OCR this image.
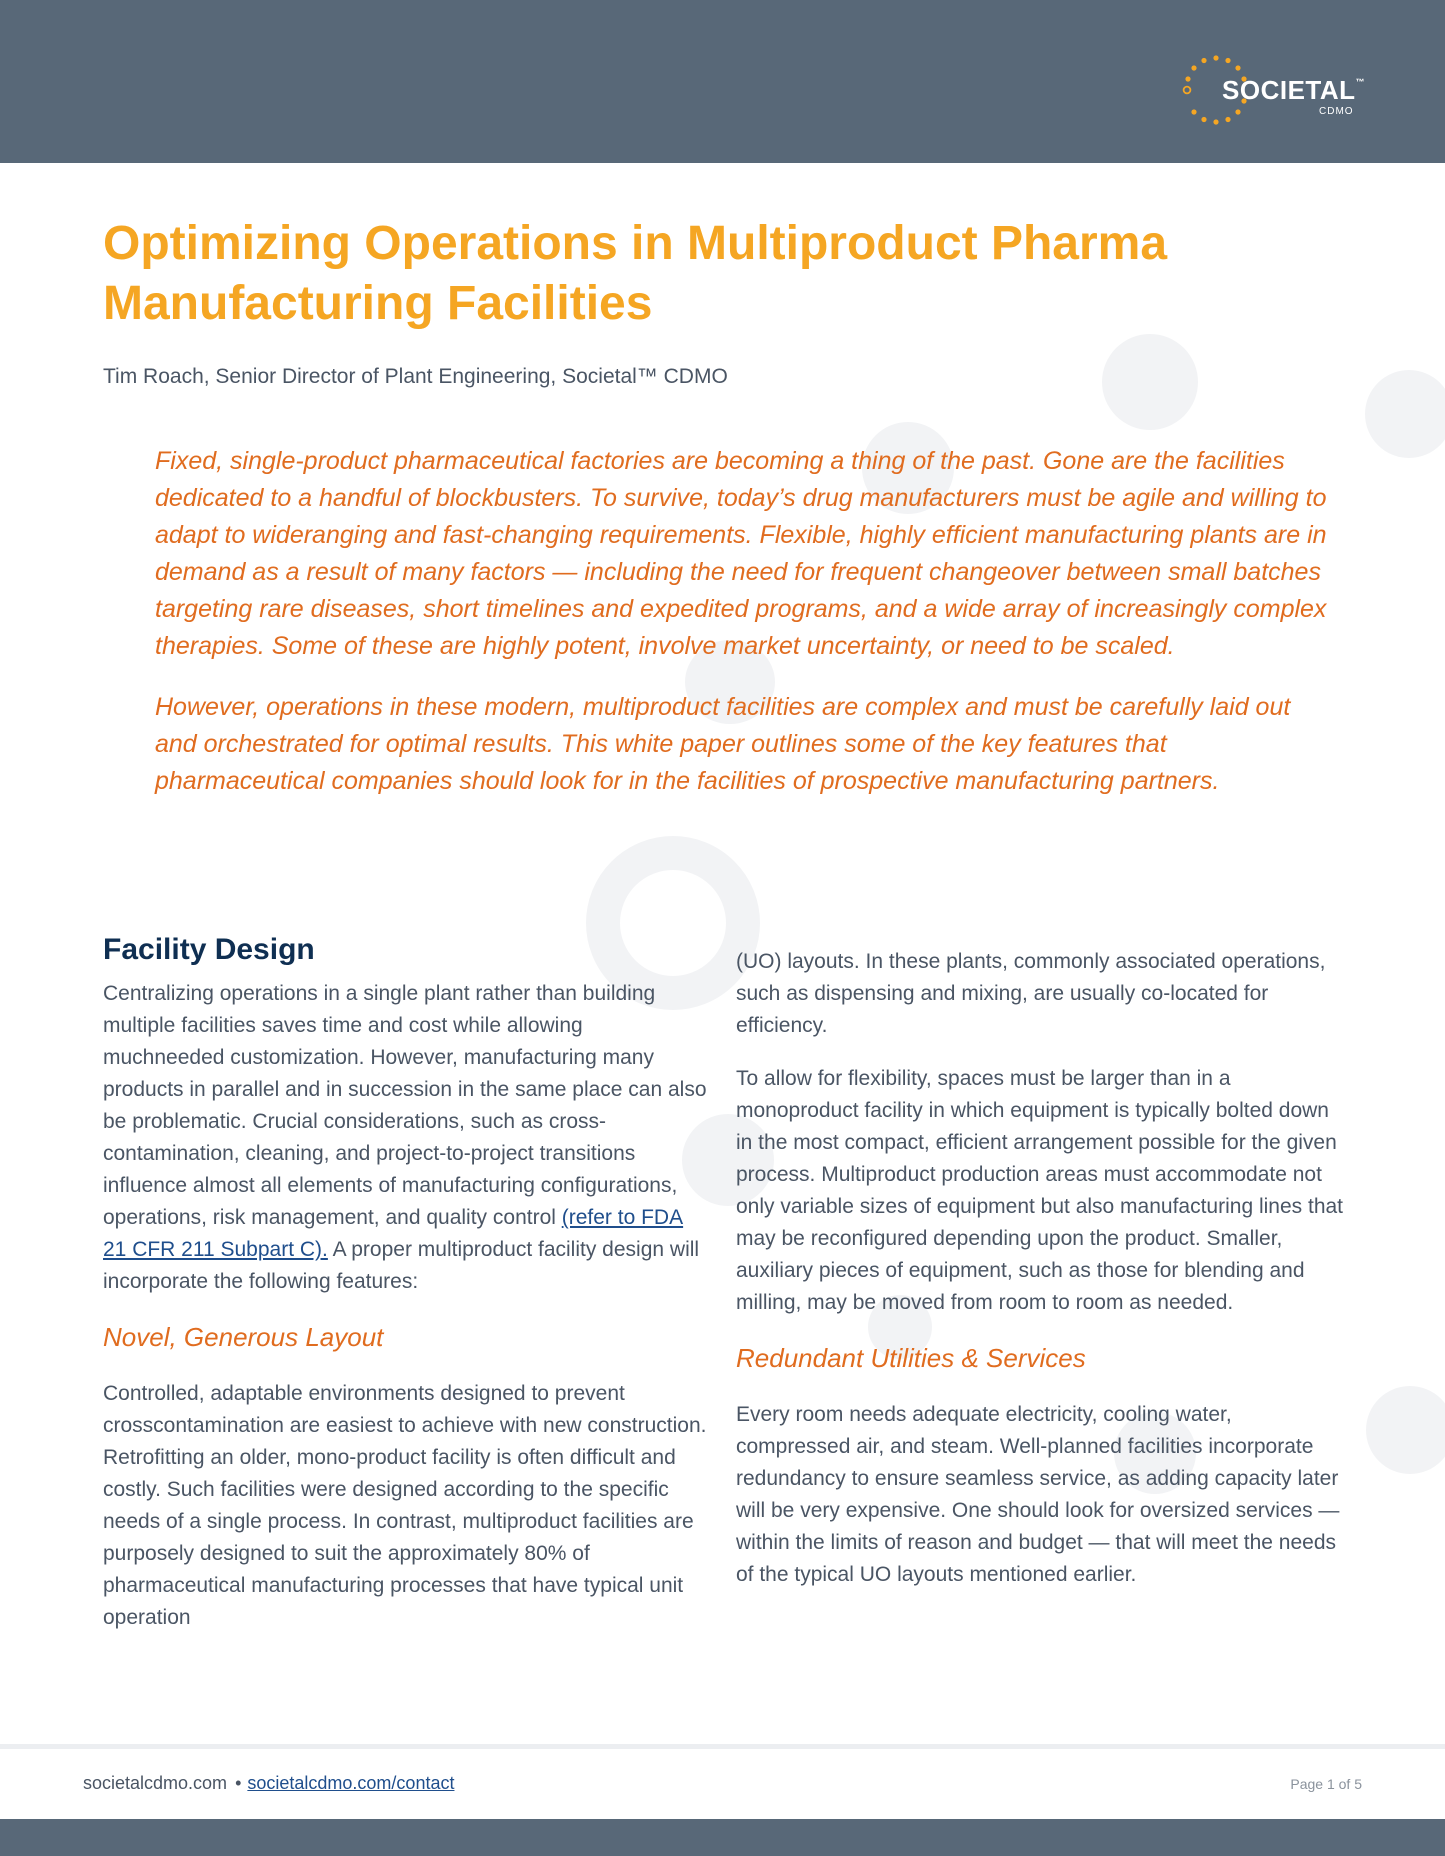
SOCIETAL™
CDMO
Optimizing Operations in Multiproduct Pharma Manufacturing Facilities
Tim Roach, Senior Director of Plant Engineering, Societal™ CDMO

Fixed, single-product pharmaceutical factories are becoming a thing of the past. Gone are the facilities dedicated to a handful of blockbusters. To survive, today’s drug manufacturers must be agile and willing to adapt to wideranging and fast-changing requirements. Flexible, highly efficient manufacturing plants are in demand as a result of many factors — including the need for frequent changeover between small batches targeting rare diseases, short timelines and expedited programs, and a wide array of increasingly complex therapies. Some of these are highly potent, involve market uncertainty, or need to be scaled.

However, operations in these modern, multiproduct facilities are complex and must be carefully laid out and orchestrated for optimal results. This white paper outlines some of the key features that pharmaceutical companies should look for in the facilities of prospective manufacturing partners.

Facility Design

Centralizing operations in a single plant rather than building multiple facilities saves time and cost while allowing muchneeded customization. However, manufacturing many products in parallel and in succession in the same place can also be problematic. Crucial considerations, such as cross-contamination, cleaning, and project-to-project transitions influence almost all elements of manufacturing configurations, operations, risk management, and quality control (refer to FDA 21 CFR 211 Subpart C). A proper multiproduct facility design will incorporate the following features:

Novel, Generous Layout

Controlled, adaptable environments designed to prevent crosscontamination are easiest to achieve with new construction. Retrofitting an older, mono-product facility is often difficult and costly. Such facilities were designed according to the specific needs of a single process. In contrast, multiproduct facilities are purposely designed to suit the approximately 80% of pharmaceutical manufacturing processes that have typical unit operation

(UO) layouts. In these plants, commonly associated operations, such as dispensing and mixing, are usually co-located for efficiency.

To allow for flexibility, spaces must be larger than in a monoproduct facility in which equipment is typically bolted down in the most compact, efficient arrangement possible for the given process. Multiproduct production areas must accommodate not only variable sizes of equipment but also manufacturing lines that may be reconfigured depending upon the product. Smaller, auxiliary pieces of equipment, such as those for blending and milling, may be moved from room to room as needed.

Redundant Utilities & Services

Every room needs adequate electricity, cooling water, compressed air, and steam. Well-planned facilities incorporate redundancy to ensure seamless service, as adding capacity later will be very expensive. One should look for oversized services — within the limits of reason and budget — that will meet the needs of the typical UO layouts mentioned earlier.

societalcdmo.com • societalcdmo.com/contact	Page 1 of 5
